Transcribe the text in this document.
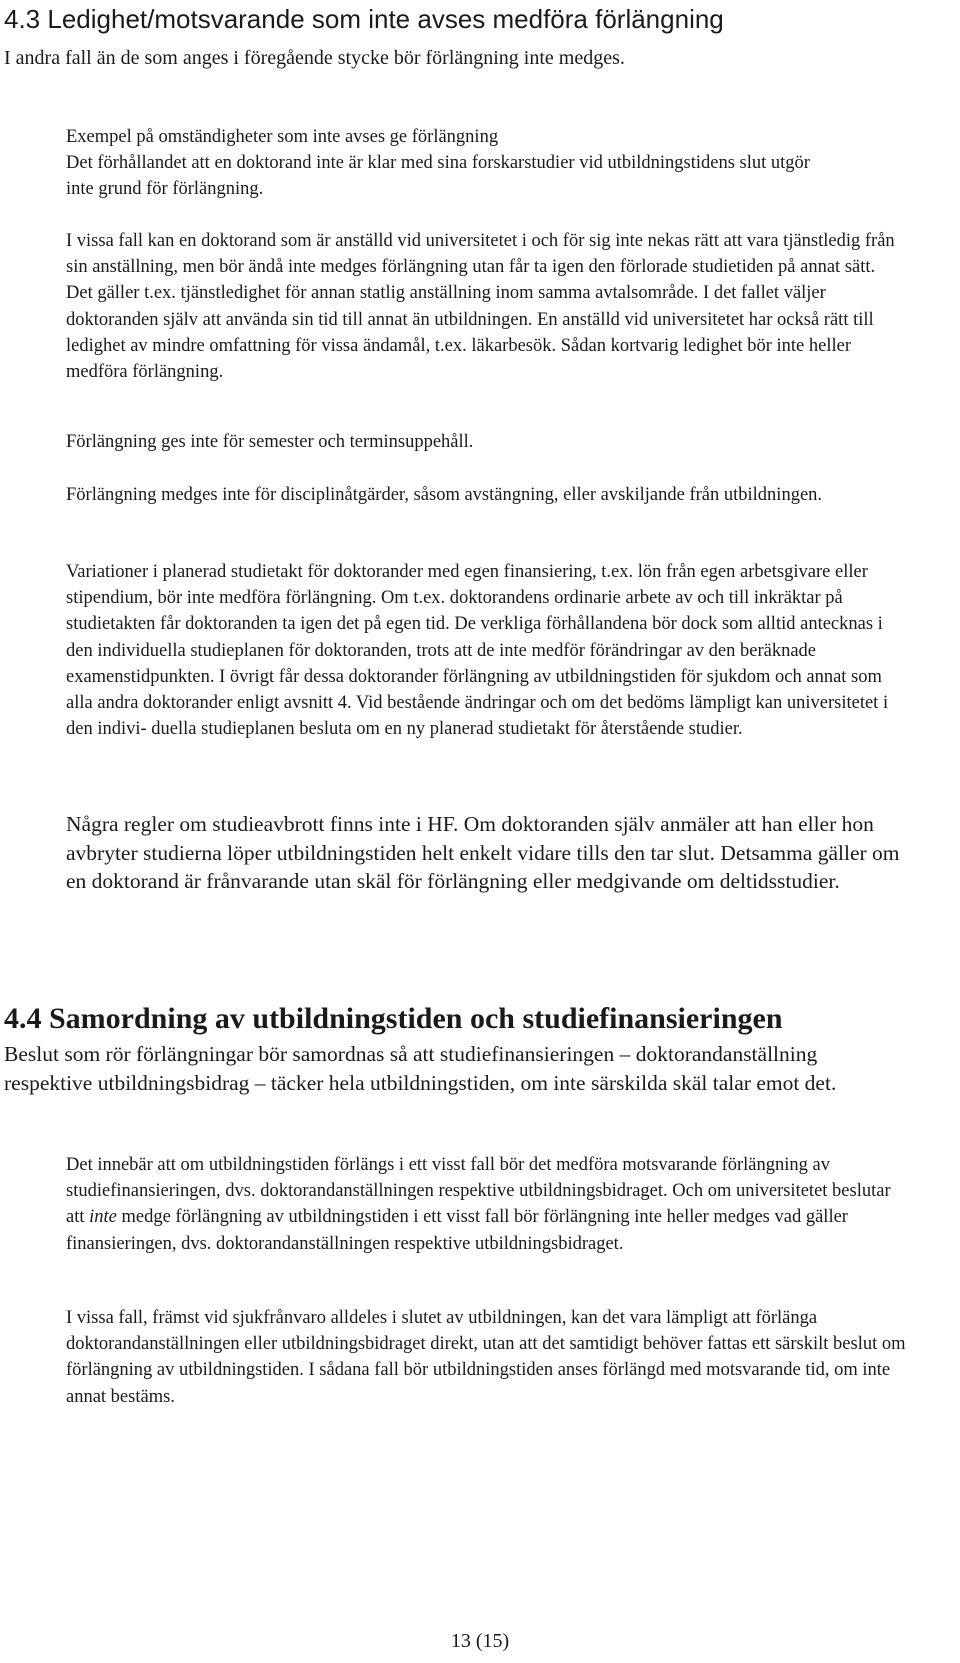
4.3 Ledighet/motsvarande som inte avses medföra förlängning

I andra fall än de som anges i föregående stycke bör förlängning inte medges.

Exempel på omständigheter som inte avses ge förlängning

Det förhållandet att en doktorand inte är klar med sina forskarstudier vid utbildningstidens slut utgör inte grund för förlängning.

I vissa fall kan en doktorand som är anställd vid universitetet i och för sig inte nekas rätt att vara tjänstledig från sin anställning, men bör ändå inte medges förlängning utan får ta igen den förlorade studietiden på annat sätt. Det gäller t.ex. tjänstledighet för annan statlig anställning inom samma avtalsområde. I det fallet väljer doktoranden själv att använda sin tid till annat än utbildningen. En anställd vid universitetet har också rätt till ledighet av mindre omfattning för vissa ändamål, t.ex. läkarbesök. Sådan kortvarig ledighet bör inte heller medföra förlängning.

Förlängning ges inte för semester och terminsuppehåll.

Förlängning medges inte för disciplinåtgärder, såsom avstängning, eller avskiljande från utbildningen.

Variationer i planerad studietakt för doktorander med egen finansiering, t.ex. lön från egen arbetsgivare eller stipendium, bör inte medföra förlängning. Om t.ex. doktorandens ordinarie arbete av och till inkräktar på studietakten får doktoranden ta igen det på egen tid. De verkliga förhållandena bör dock som alltid antecknas i den individuella studieplanen för doktoranden, trots att de inte medför förändringar av den beräknade examenstidpunkten. I övrigt får dessa doktorander förlängning av utbildningstiden för sjukdom och annat som alla andra doktorander enligt avsnitt 4. Vid bestående ändringar och om det bedöms lämpligt kan universitetet i den indivi- duella studieplanen besluta om en ny planerad studietakt för återstående studier.

Några regler om studieavbrott finns inte i HF. Om doktoranden själv anmäler att han eller hon avbryter studierna löper utbildningstiden helt enkelt vidare tills den tar slut. Detsamma gäller om en doktorand är frånvarande utan skäl för förlängning eller medgivande om deltidsstudier.

4.4 Samordning av utbildningstiden och studiefinansieringen

Beslut som rör förlängningar bör samordnas så att studiefinansieringen – doktorandanställning respektive utbildningsbidrag – täcker hela utbildningstiden, om inte särskilda skäl talar emot det.

Det innebär att om utbildningstiden förlängs i ett visst fall bör det medföra motsvarande förlängning av studiefinansieringen, dvs. doktorandanställningen respektive utbildningsbidraget. Och om universitetet beslutar att inte medge förlängning av utbildningstiden i ett visst fall bör förlängning inte heller medges vad gäller finansieringen, dvs. doktorandanställningen respektive utbildningsbidraget.

I vissa fall, främst vid sjukfrånvaro alldeles i slutet av utbildningen, kan det vara lämpligt att förlänga doktorandanställningen eller utbildningsbidraget direkt, utan att det samtidigt behöver fattas ett särskilt beslut om förlängning av utbildningstiden. I sådana fall bör utbildningstiden anses förlängd med motsvarande tid, om inte annat bestäms.

13 (15)
